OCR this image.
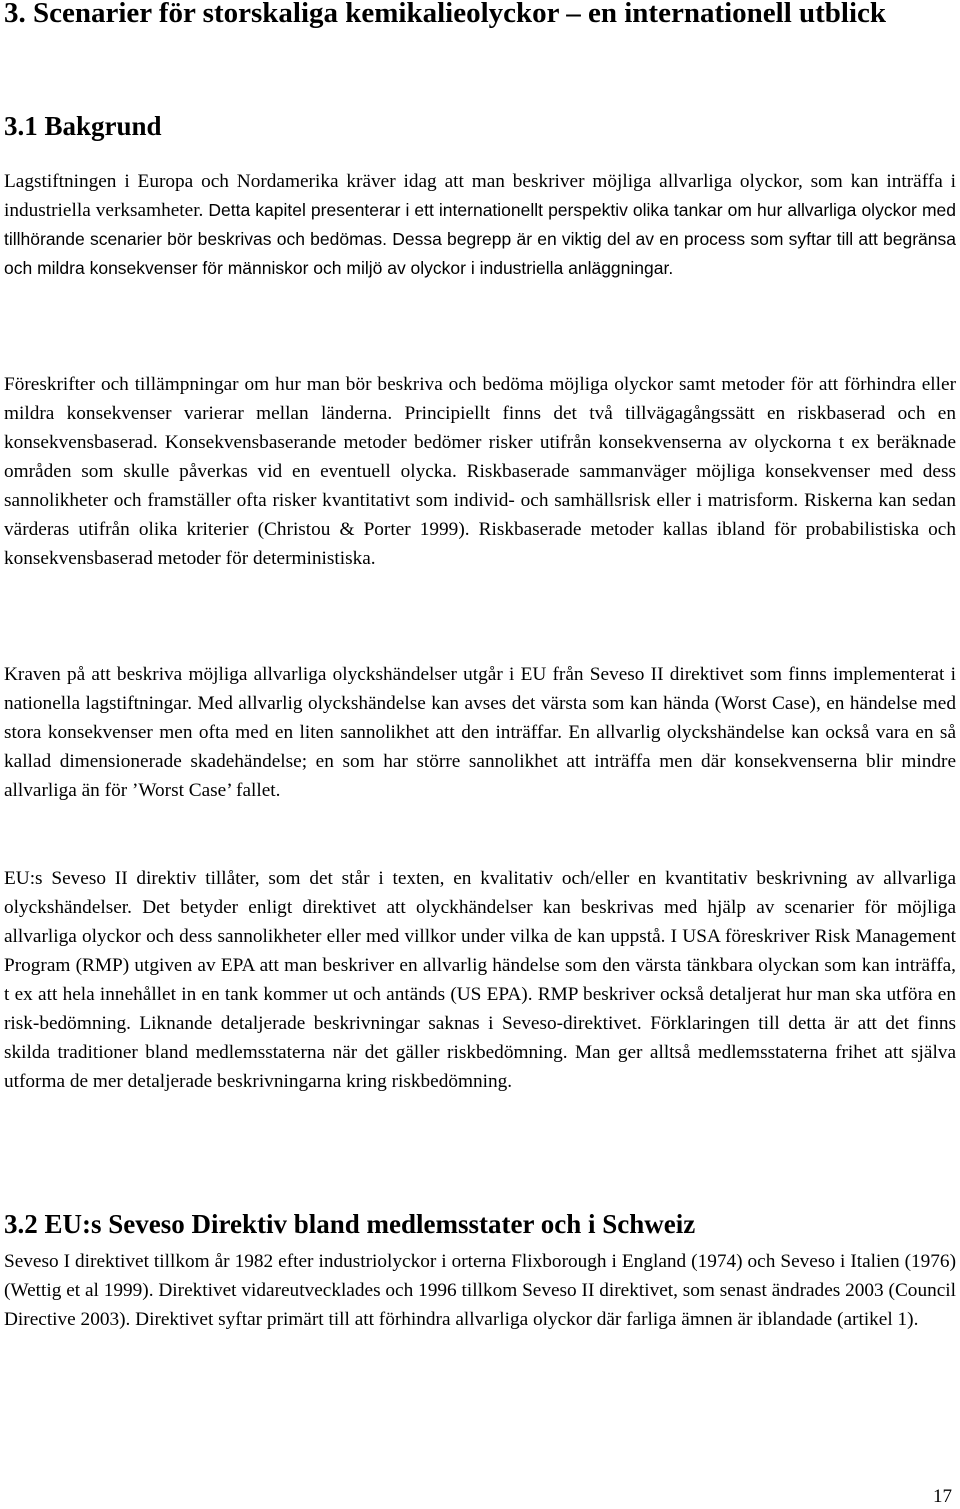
3. Scenarier för storskaliga kemikalieolyckor – en internationell utblick
3.1 Bakgrund

Lagstiftningen i Europa och Nordamerika kräver idag att man beskriver möjliga allvarliga olyckor, som kan inträffa i industriella verksamheter. Detta kapitel presenterar i ett internationellt perspektiv olika tankar om hur allvarliga olyckor med tillhörande scenarier bör beskrivas och bedömas. Dessa begrepp är en viktig del av en process som syftar till att begränsa och mildra konsekvenser för människor och miljö av olyckor i industriella anläggningar.

Föreskrifter och tillämpningar om hur man bör beskriva och bedöma möjliga olyckor samt metoder för att förhindra eller mildra konsekvenser varierar mellan länderna. Principiellt finns det två tillvägagångssätt en riskbaserad och en konsekvensbaserad. Konsekvensbaserande metoder bedömer risker utifrån konsekvenserna av olyckorna t ex beräknade områden som skulle påverkas vid en eventuell olycka. Riskbaserade sammanväger möjliga konsekvenser med dess sannolikheter och framställer ofta risker kvantitativt som individ- och samhällsrisk eller i matrisform. Riskerna kan sedan värderas utifrån olika kriterier (Christou & Porter 1999). Riskbaserade metoder kallas ibland för probabilistiska och konsekvensbaserad metoder för deterministiska.

Kraven på att beskriva möjliga allvarliga olyckshändelser utgår i EU från Seveso II direktivet som finns implementerat i nationella lagstiftningar. Med allvarlig olyckshändelse kan avses det värsta som kan hända (Worst Case), en händelse med stora konsekvenser men ofta med en liten sannolikhet att den inträffar. En allvarlig olyckshändelse kan också vara en så kallad dimensionerade skadehändelse; en som har större sannolikhet att inträffa men där konsekvenserna blir mindre allvarliga än för ’Worst Case’ fallet.

EU:s Seveso II direktiv tillåter, som det står i texten, en kvalitativ och/eller en kvantitativ beskrivning av allvarliga olyckshändelser. Det betyder enligt direktivet att olyckhändelser kan beskrivas med hjälp av scenarier för möjliga allvarliga olyckor och dess sannolikheter eller med villkor under vilka de kan uppstå. I USA föreskriver Risk Management Program (RMP) utgiven av EPA att man beskriver en allvarlig händelse som den värsta tänkbara olyckan som kan inträffa, t ex att hela innehållet in en tank kommer ut och antänds (US EPA). RMP beskriver också detaljerat hur man ska utföra en risk-bedömning. Liknande detaljerade beskrivningar saknas i Seveso-direktivet. Förklaringen till detta är att det finns skilda traditioner bland medlemsstaterna när det gäller riskbedömning. Man ger alltså medlemsstaterna frihet att själva utforma de mer detaljerade beskrivningarna kring riskbedömning.

3.2 EU:s Seveso Direktiv bland medlemsstater och i Schweiz

Seveso I direktivet tillkom år 1982 efter industriolyckor i orterna Flixborough i England (1974) och Seveso i Italien (1976) (Wettig et al 1999). Direktivet vidareutvecklades och 1996 tillkom Seveso II direktivet, som senast ändrades 2003 (Council Directive 2003). Direktivet syftar primärt till att förhindra allvarliga olyckor där farliga ämnen är iblandade (artikel 1).

17
